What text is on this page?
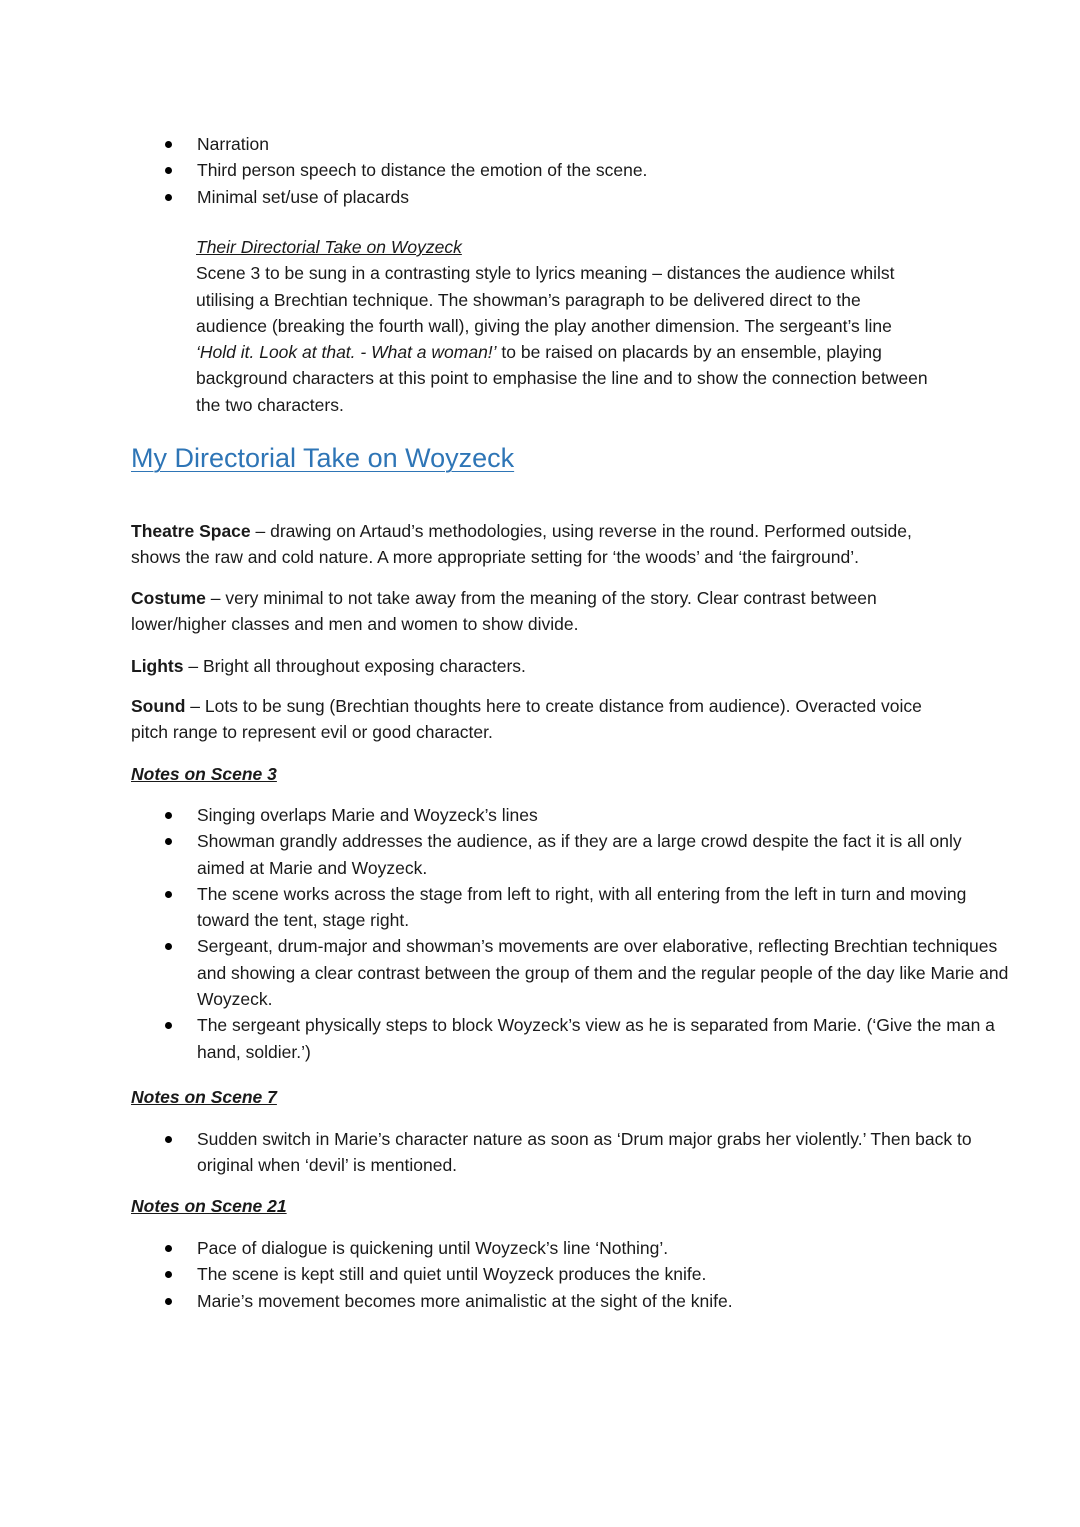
Narration
Third person speech to distance the emotion of the scene.
Minimal set/use of placards
Their Directorial Take on Woyzeck

Scene 3 to be sung in a contrasting style to lyrics meaning – distances the audience whilst utilising a Brechtian technique. The showman’s paragraph to be delivered direct to the audience (breaking the fourth wall), giving the play another dimension. The sergeant’s line ‘Hold it. Look at that. - What a woman!’ to be raised on placards by an ensemble, playing background characters at this point to emphasise the line and to show the connection between the two characters.

My Directorial Take on Woyzeck

Theatre Space – drawing on Artaud’s methodologies, using reverse in the round. Performed outside, shows the raw and cold nature. A more appropriate setting for ‘the woods’ and ‘the fairground’.

Costume – very minimal to not take away from the meaning of the story. Clear contrast between lower/higher classes and men and women to show divide.

Lights – Bright all throughout exposing characters.

Sound – Lots to be sung (Brechtian thoughts here to create distance from audience). Overacted voice pitch range to represent evil or good character.

Notes on Scene 3
Singing overlaps Marie and Woyzeck’s lines
Showman grandly addresses the audience, as if they are a large crowd despite the fact it is all only aimed at Marie and Woyzeck.
The scene works across the stage from left to right, with all entering from the left in turn and moving toward the tent, stage right.
Sergeant, drum-major and showman’s movements are over elaborative, reflecting Brechtian techniques and showing a clear contrast between the group of them and the regular people of the day like Marie and Woyzeck.
The sergeant physically steps to block Woyzeck’s view as he is separated from Marie. (‘Give the man a hand, soldier.’)
Notes on Scene 7
Sudden switch in Marie’s character nature as soon as ‘Drum major grabs her violently.’ Then back to original when ‘devil’ is mentioned.
Notes on Scene 21
Pace of dialogue is quickening until Woyzeck’s line ‘Nothing’.
The scene is kept still and quiet until Woyzeck produces the knife.
Marie’s movement becomes more animalistic at the sight of the knife.
